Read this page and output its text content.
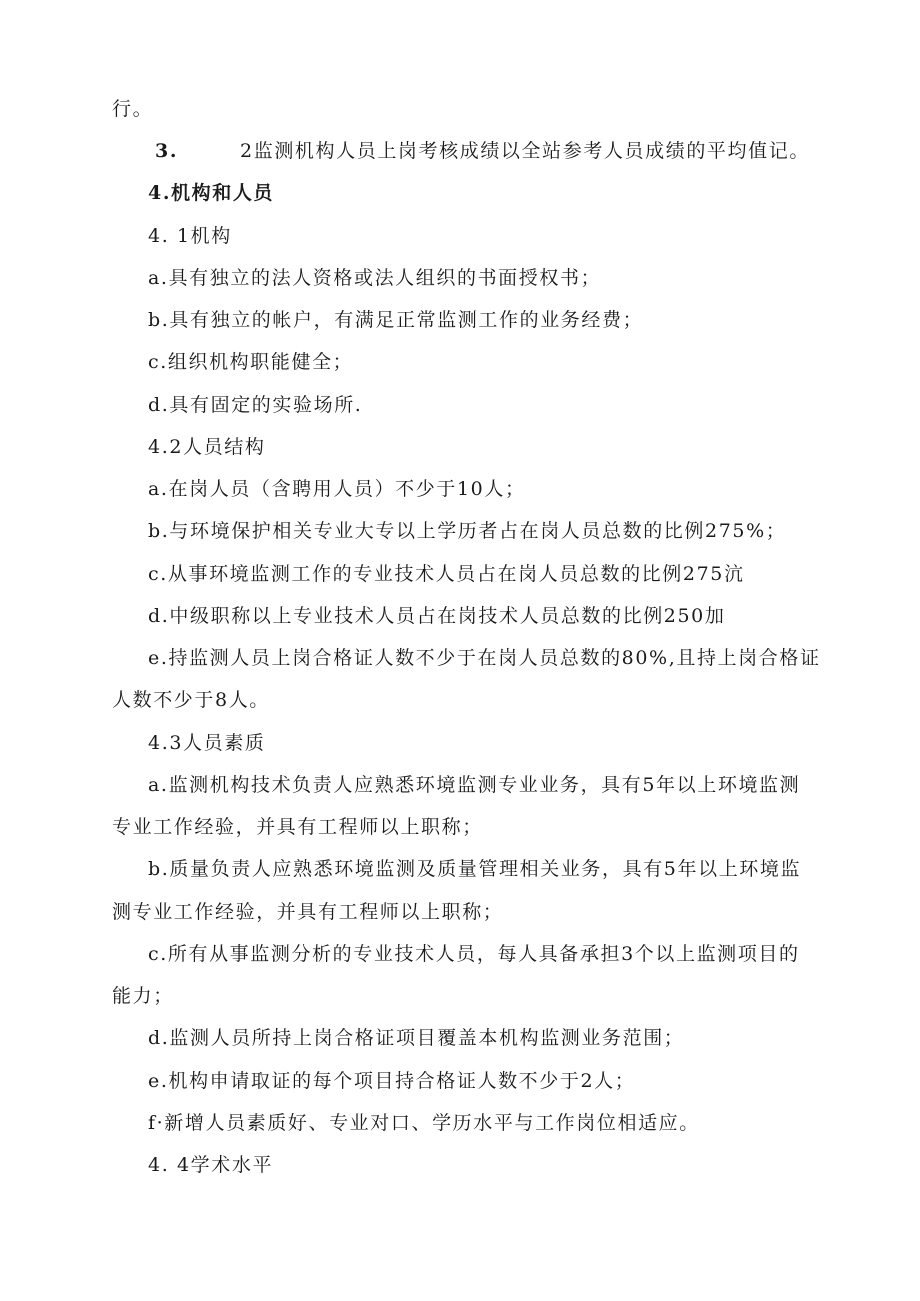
行。
3.	2监测机构人员上岗考核成绩以全站参考人员成绩的平均值记。
4.机构和人员
4. 1机构
a.具有独立的法人资格或法人组织的书面授权书；
b.具有独立的帐户，有满足正常监测工作的业务经费；
c.组织机构职能健全；
d.具有固定的实验场所.
4.2人员结构
a.在岗人员（含聘用人员）不少于10人；
b.与环境保护相关专业大专以上学历者占在岗人员总数的比例275%；
c.从事环境监测工作的专业技术人员占在岗人员总数的比例275沆
d.中级职称以上专业技术人员占在岗技术人员总数的比例250加
e.持监测人员上岗合格证人数不少于在岗人员总数的80%,且持上岗合格证
人数不少于8人。
4.3人员素质
a.监测机构技术负责人应熟悉环境监测专业业务，具有5年以上环境监测
专业工作经验，并具有工程师以上职称；
b.质量负责人应熟悉环境监测及质量管理相关业务，具有5年以上环境监
测专业工作经验，并具有工程师以上职称；
c.所有从事监测分析的专业技术人员，每人具备承担3个以上监测项目的
能力；
d.监测人员所持上岗合格证项目覆盖本机构监测业务范围；
e.机构申请取证的每个项目持合格证人数不少于2人；
f·新增人员素质好、专业对口、学历水平与工作岗位相适应。
4. 4学术水平
